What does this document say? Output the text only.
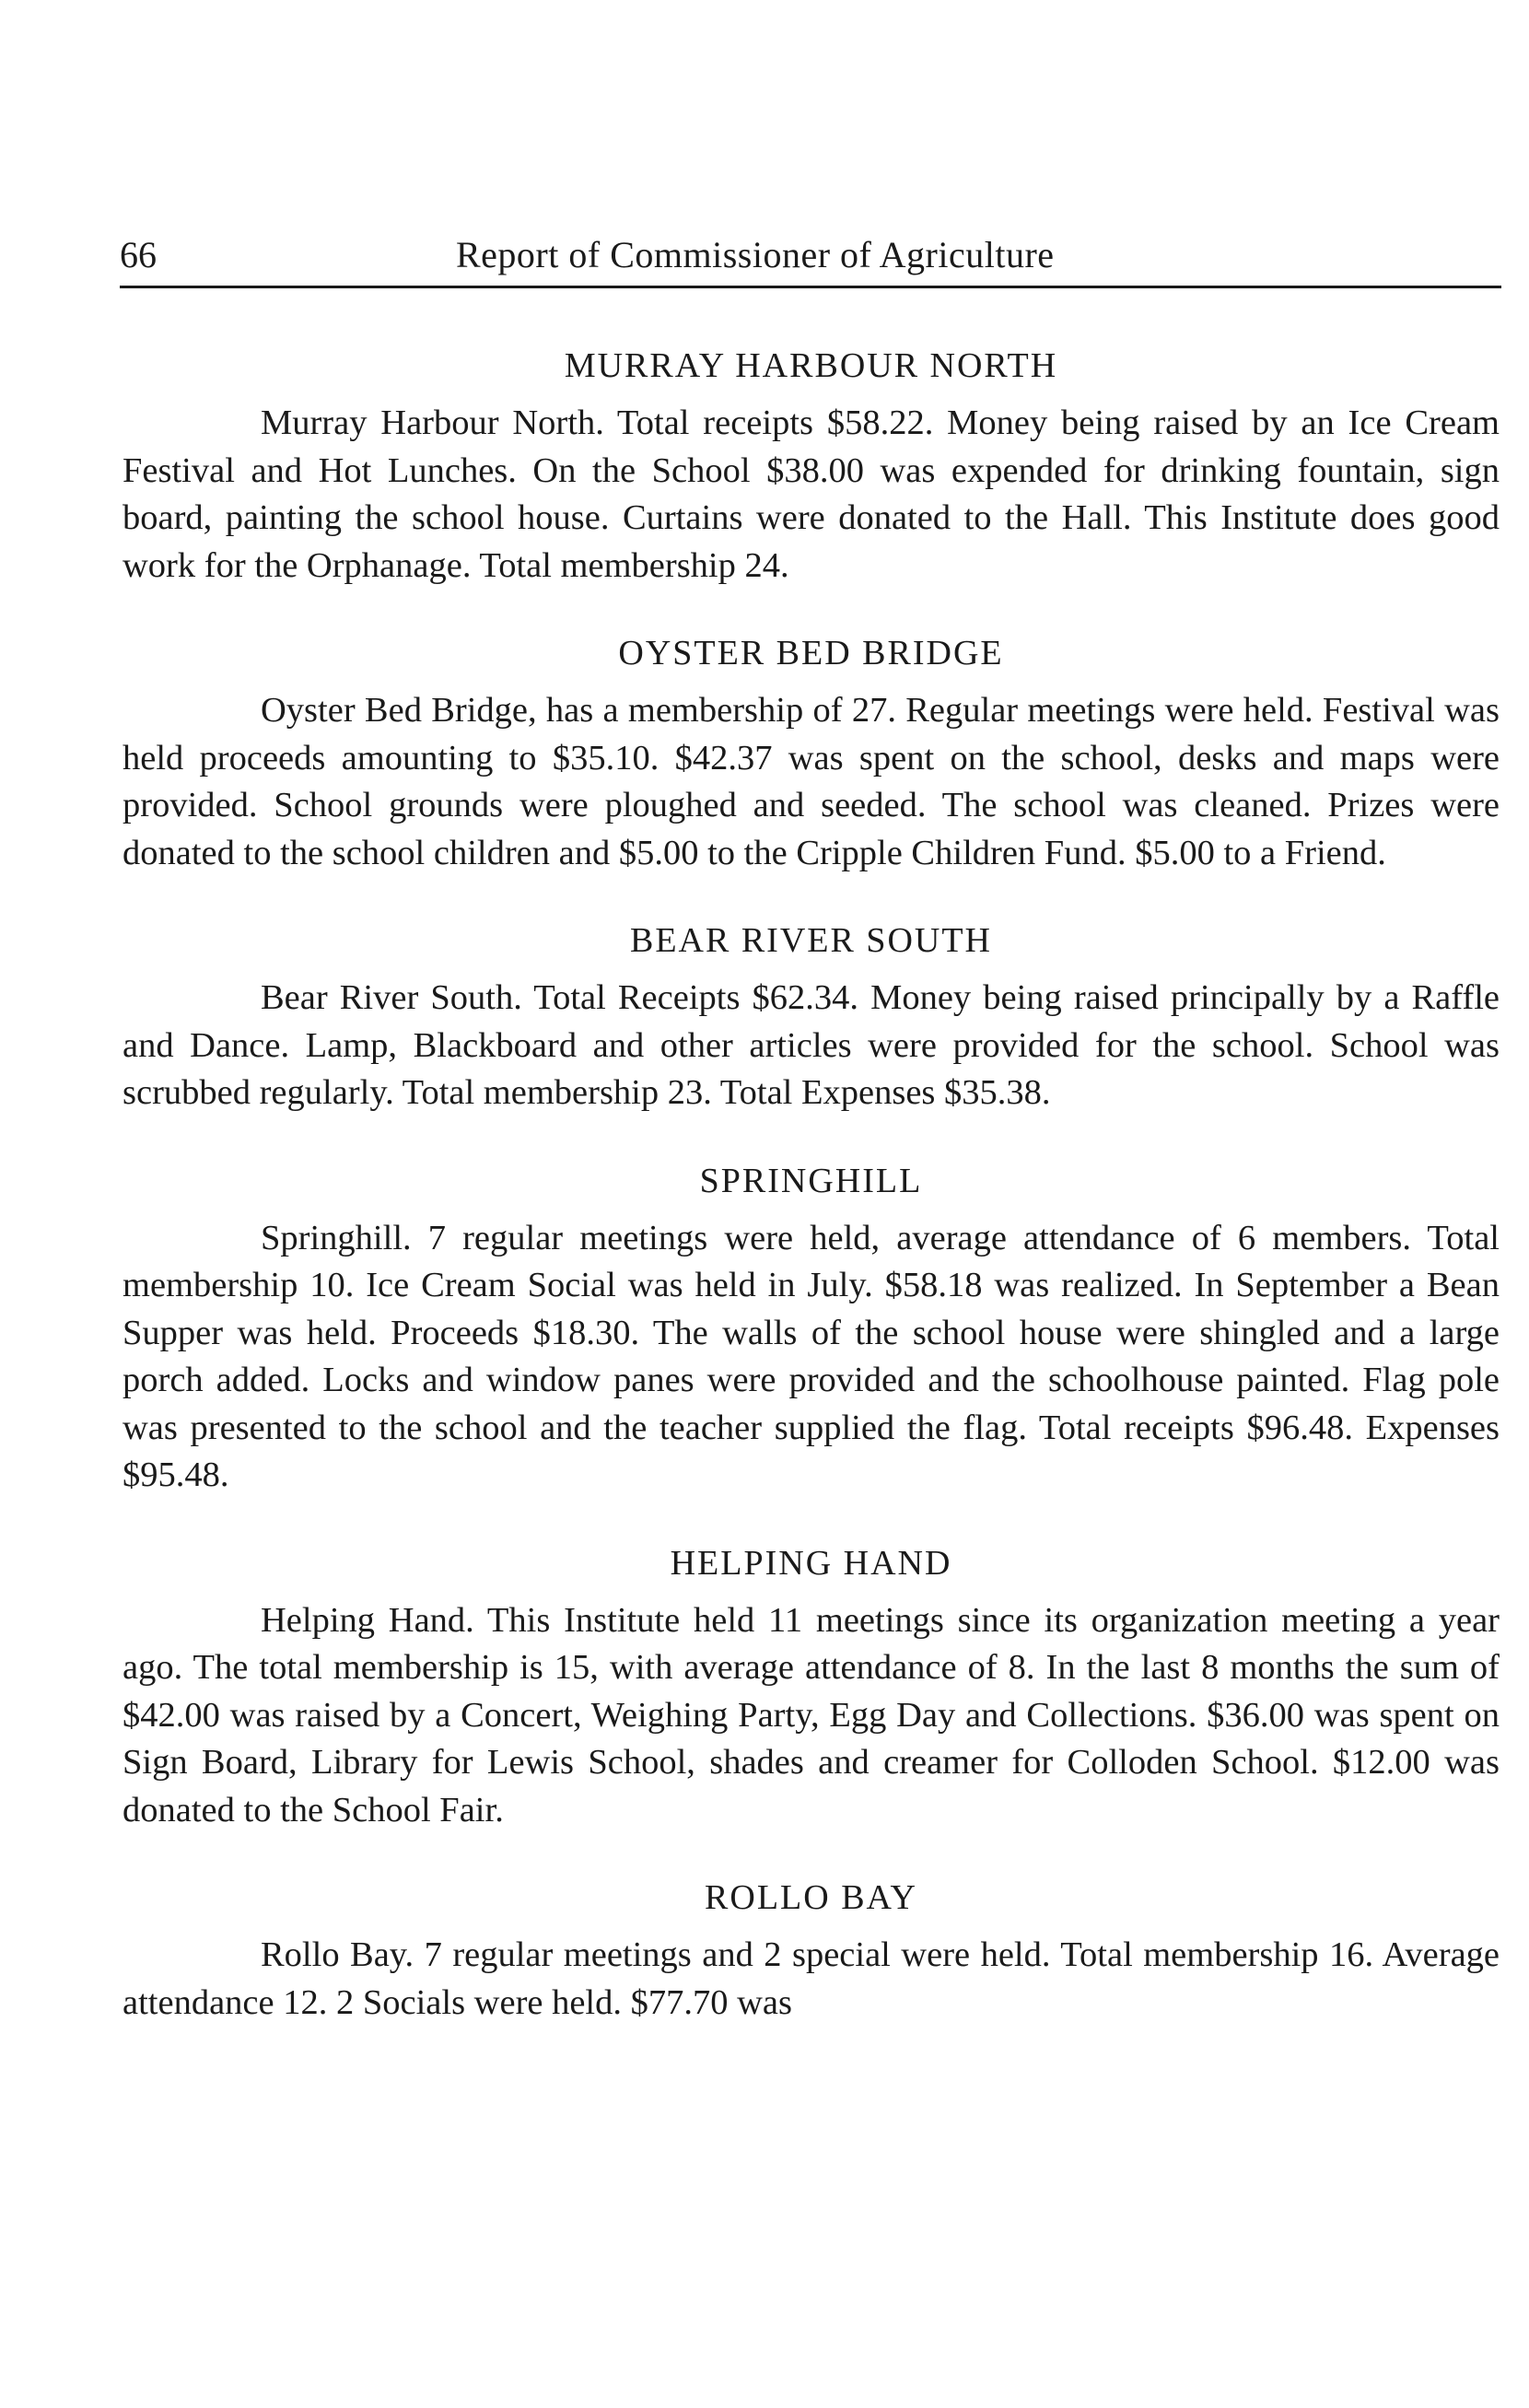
66	Report of Commissioner of Agriculture
MURRAY HARBOUR NORTH

Murray Harbour North. Total receipts $58.22. Money being raised by an Ice Cream Festival and Hot Lunches. On the School $38.00 was expended for drinking fountain, sign board, painting the school house. Curtains were donated to the Hall. This Institute does good work for the Orphanage. Total membership 24.

OYSTER BED BRIDGE

Oyster Bed Bridge, has a membership of 27. Regular meetings were held. Festival was held proceeds amounting to $35.10. $42.37 was spent on the school, desks and maps were provided. School grounds were ploughed and seeded. The school was cleaned. Prizes were donated to the school children and $5.00 to the Cripple Children Fund. $5.00 to a Friend.

BEAR RIVER SOUTH

Bear River South. Total Receipts $62.34. Money being raised principally by a Raffle and Dance. Lamp, Blackboard and other articles were provided for the school. School was scrubbed regularly. Total membership 23. Total Expenses $35.38.

SPRINGHILL

Springhill. 7 regular meetings were held, average attendance of 6 members. Total membership 10. Ice Cream Social was held in July. $58.18 was realized. In September a Bean Supper was held. Proceeds $18.30. The walls of the school house were shingled and a large porch added. Locks and window panes were provided and the schoolhouse painted. Flag pole was presented to the school and the teacher supplied the flag. Total receipts $96.48. Expenses $95.48.

HELPING HAND

Helping Hand. This Institute held 11 meetings since its organization meeting a year ago. The total membership is 15, with average attendance of 8. In the last 8 months the sum of $42.00 was raised by a Concert, Weighing Party, Egg Day and Collections. $36.00 was spent on Sign Board, Library for Lewis School, shades and creamer for Colloden School. $12.00 was donated to the School Fair.

ROLLO BAY

Rollo Bay. 7 regular meetings and 2 special were held. Total membership 16. Average attendance 12. 2 Socials were held. $77.70 was
